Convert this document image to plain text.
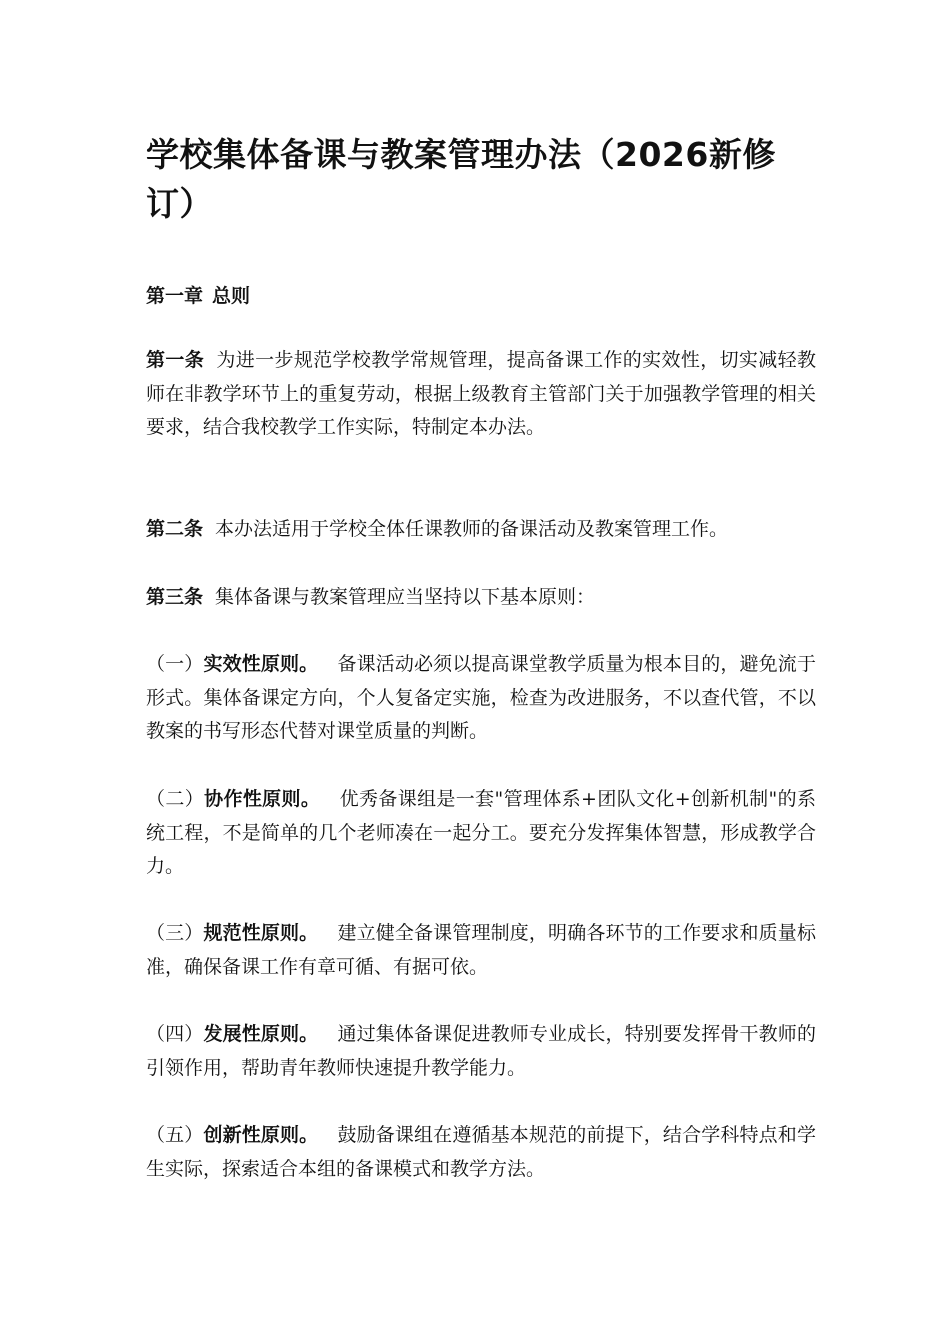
学校集体备课与教案管理办法（2026新修订）

第一章 总则

第一条 为进一步规范学校教学常规管理，提高备课工作的实效性，切实减轻教师在非教学环节上的重复劳动，根据上级教育主管部门关于加强教学管理的相关要求，结合我校教学工作实际，特制定本办法。

第二条 本办法适用于学校全体任课教师的备课活动及教案管理工作。

第三条 集体备课与教案管理应当坚持以下基本原则：

（一）实效性原则。 备课活动必须以提高课堂教学质量为根本目的，避免流于形式。集体备课定方向，个人复备定实施，检查为改进服务，不以查代管，不以教案的书写形态代替对课堂质量的判断。

（二）协作性原则。 优秀备课组是一套"管理体系+团队文化+创新机制"的系统工程，不是简单的几个老师凑在一起分工。要充分发挥集体智慧，形成教学合力。

（三）规范性原则。 建立健全备课管理制度，明确各环节的工作要求和质量标准，确保备课工作有章可循、有据可依。

（四）发展性原则。 通过集体备课促进教师专业成长，特别要发挥骨干教师的引领作用，帮助青年教师快速提升教学能力。

（五）创新性原则。 鼓励备课组在遵循基本规范的前提下，结合学科特点和学生实际，探索适合本组的备课模式和教学方法。
